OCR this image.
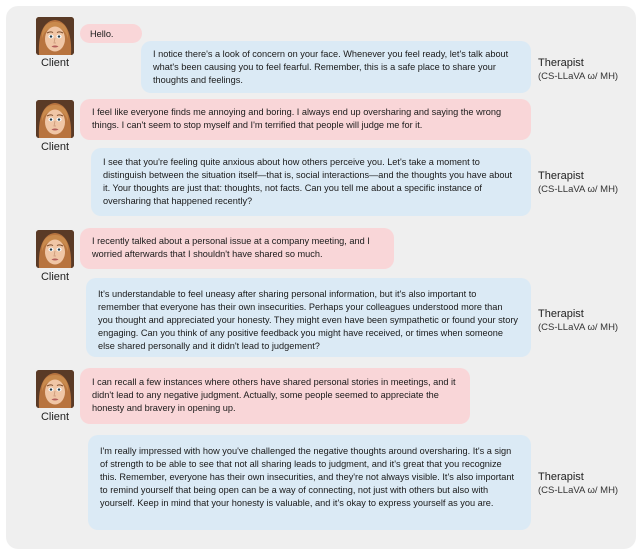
Client
Hello.
I notice there's a look of concern on your face. Whenever you feel ready, let's talk about what's been causing you to feel fearful. Remember, this is a safe place to share your thoughts and feelings.
Therapist
(CS-LLaVA ω/ MH)
Client
I feel like everyone finds me annoying and boring. I always end up oversharing and saying the wrong things. I can't seem to stop myself and I'm terrified that people will judge me for it.
I see that you're feeling quite anxious about how others perceive you. Let's take a moment to distinguish between the situation itself—that is, social interactions—and the thoughts you have about it. Your thoughts are just that: thoughts, not facts. Can you tell me about a specific instance of oversharing that happened recently?
Therapist
(CS-LLaVA ω/ MH)
Client
I recently talked about a personal issue at a company meeting, and I worried afterwards that I shouldn't have shared so much.
It's understandable to feel uneasy after sharing personal information, but it's also important to remember that everyone has their own insecurities. Perhaps your colleagues understood more than you thought and appreciated your honesty. They might even have been sympathetic or found your story engaging. Can you think of any positive feedback you might have received, or times when someone else shared personally and it didn't lead to judgement?
Therapist
(CS-LLaVA ω/ MH)
Client
I can recall a few instances where others have shared personal stories in meetings, and it didn't lead to any negative judgment. Actually, some people seemed to appreciate the honesty and bravery in opening up.
I'm really impressed with how you've challenged the negative thoughts around oversharing. It's a sign of strength to be able to see that not all sharing leads to judgment, and it's great that you recognize this. Remember, everyone has their own insecurities, and they're not always visible. It's also important to remind yourself that being open can be a way of connecting, not just with others but also with yourself. Keep in mind that your honesty is valuable, and it's okay to express yourself as you are.
Therapist
(CS-LLaVA ω/ MH)
